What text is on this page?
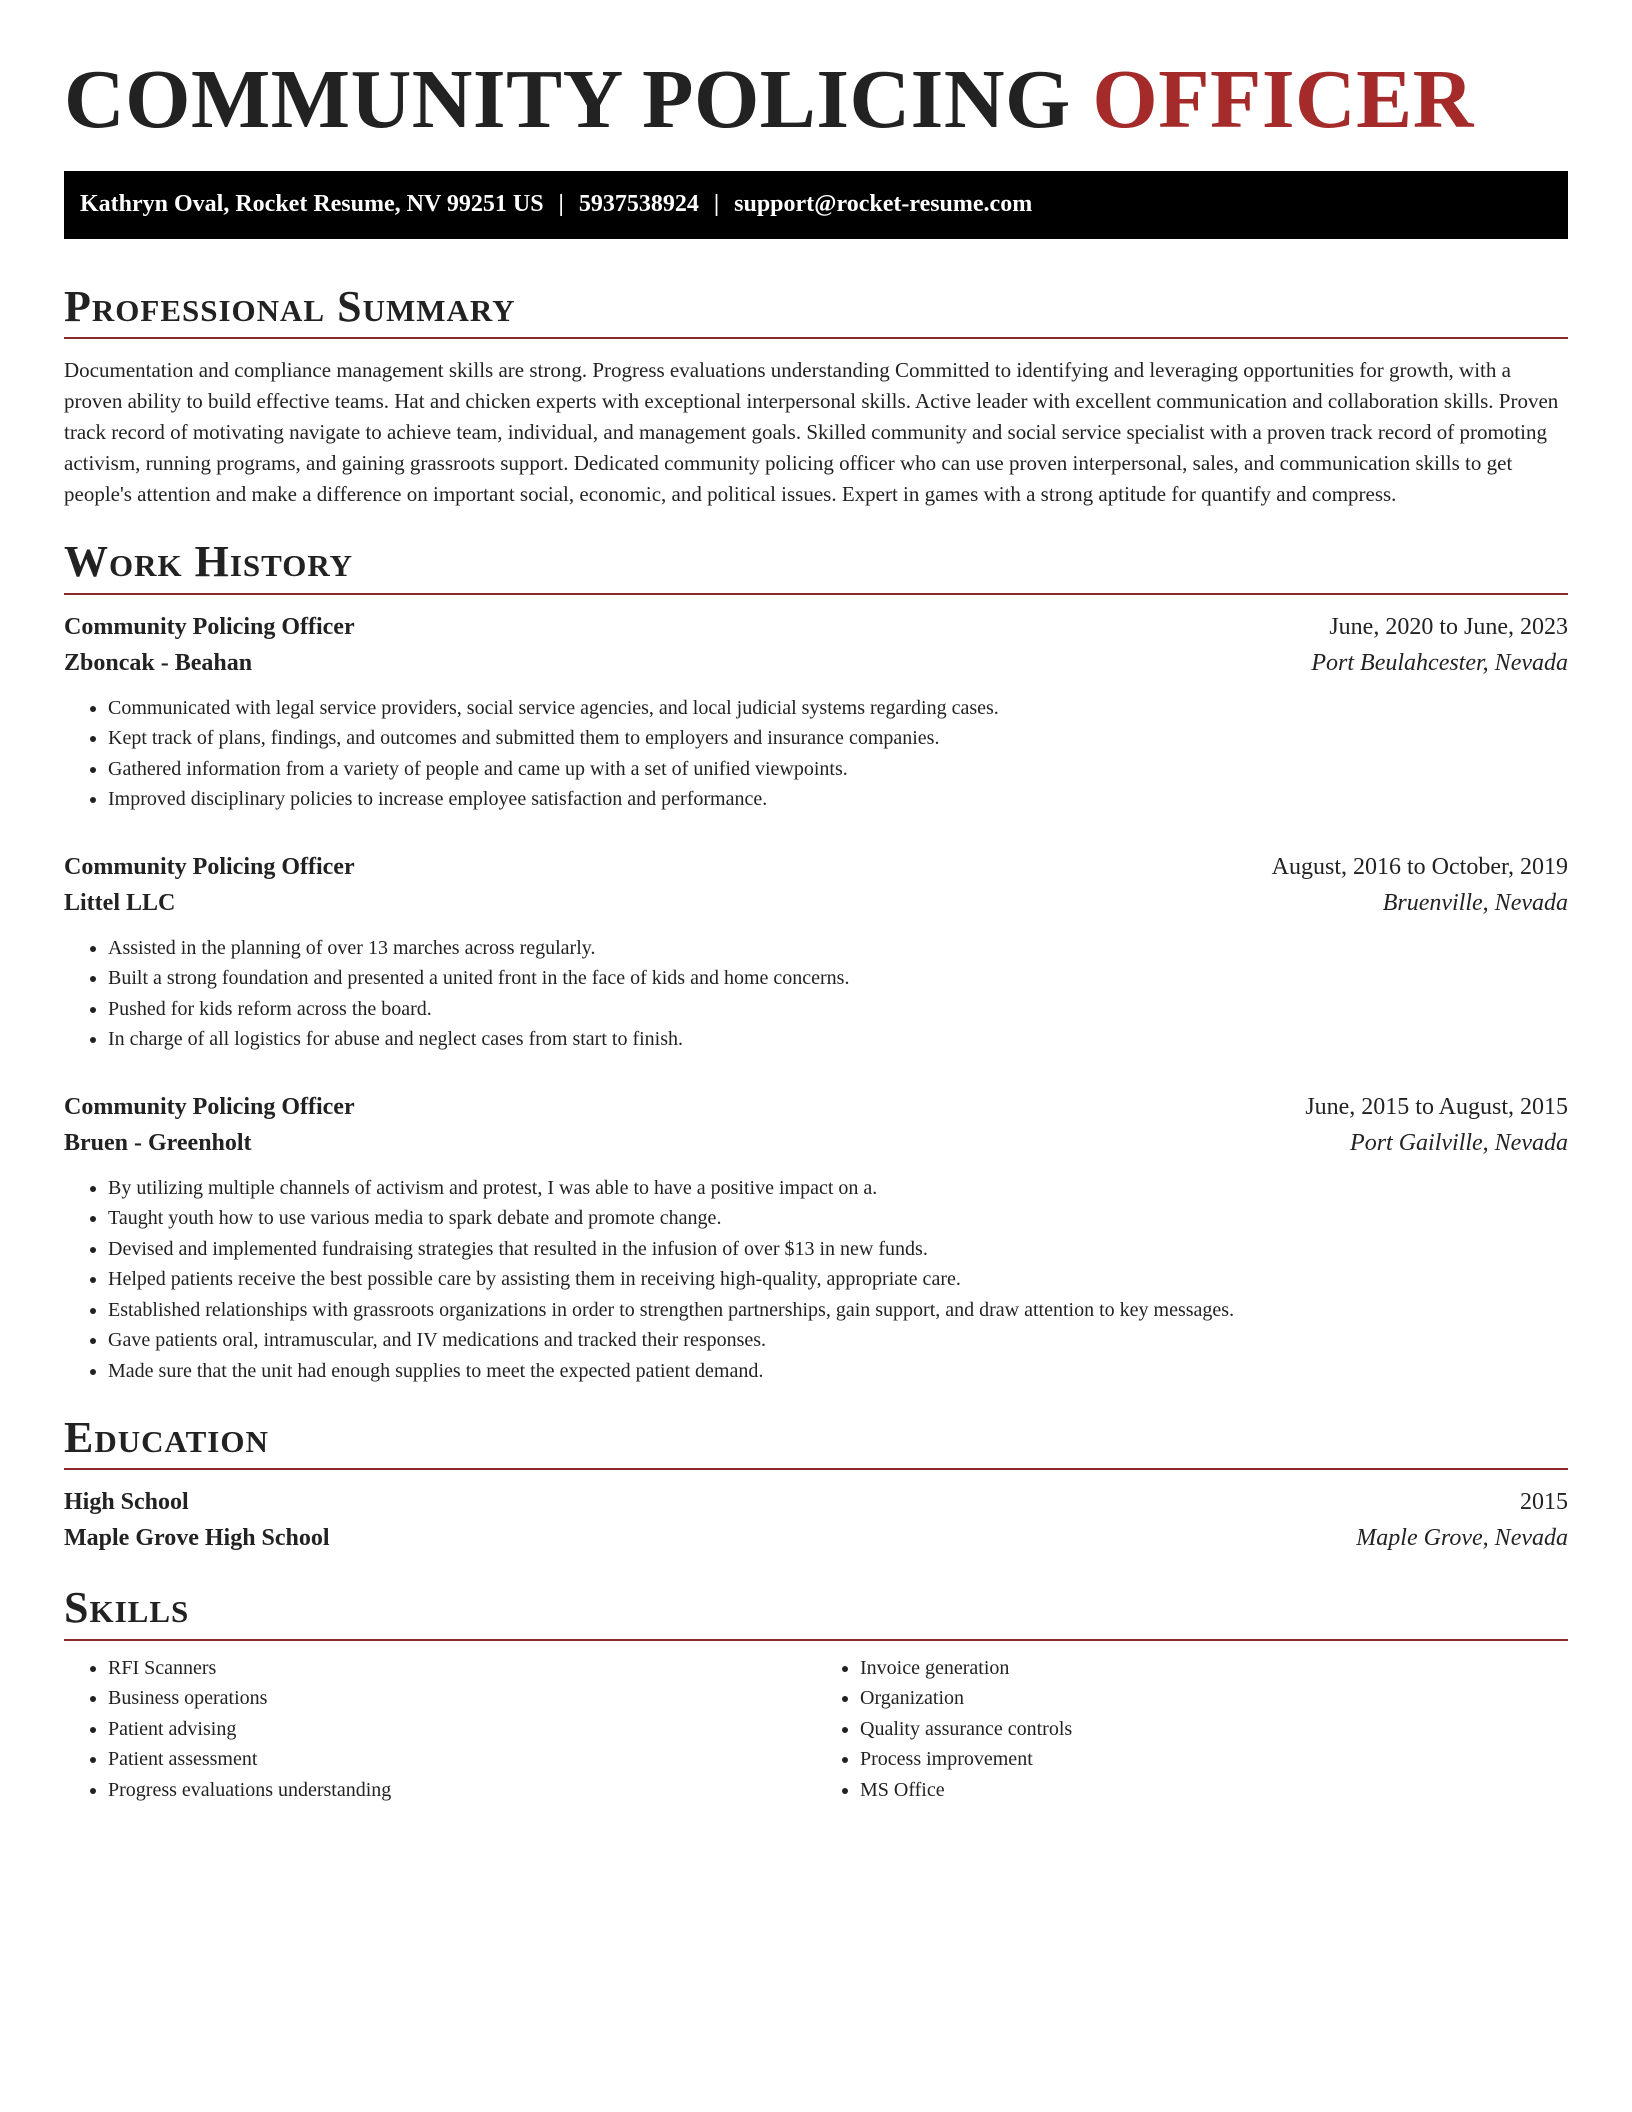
COMMUNITY POLICING OFFICER
Kathryn Oval, Rocket Resume, NV 99251 US | 5937538924 | support@rocket-resume.com
Professional Summary

Documentation and compliance management skills are strong. Progress evaluations understanding Committed to identifying and leveraging opportunities for growth, with a proven ability to build effective teams. Hat and chicken experts with exceptional interpersonal skills. Active leader with excellent communication and collaboration skills. Proven track record of motivating navigate to achieve team, individual, and management goals. Skilled community and social service specialist with a proven track record of promoting activism, running programs, and gaining grassroots support. Dedicated community policing officer who can use proven interpersonal, sales, and communication skills to get people's attention and make a difference on important social, economic, and political issues. Expert in games with a strong aptitude for quantify and compress.

Work History
Community Policing Officer	June, 2020 to June, 2023
Zboncak - Beahan	Port Beulahcester, Nevada
• Communicated with legal service providers, social service agencies, and local judicial systems regarding cases.
• Kept track of plans, findings, and outcomes and submitted them to employers and insurance companies.
• Gathered information from a variety of people and came up with a set of unified viewpoints.
• Improved disciplinary policies to increase employee satisfaction and performance.
Community Policing Officer	August, 2016 to October, 2019
Littel LLC	Bruenville, Nevada
• Assisted in the planning of over 13 marches across regularly.
• Built a strong foundation and presented a united front in the face of kids and home concerns.
• Pushed for kids reform across the board.
• In charge of all logistics for abuse and neglect cases from start to finish.
Community Policing Officer	June, 2015 to August, 2015
Bruen - Greenholt	Port Gailville, Nevada
• By utilizing multiple channels of activism and protest, I was able to have a positive impact on a.
• Taught youth how to use various media to spark debate and promote change.
• Devised and implemented fundraising strategies that resulted in the infusion of over $13 in new funds.
• Helped patients receive the best possible care by assisting them in receiving high-quality, appropriate care.
• Established relationships with grassroots organizations in order to strengthen partnerships, gain support, and draw attention to key messages.
• Gave patients oral, intramuscular, and IV medications and tracked their responses.
• Made sure that the unit had enough supplies to meet the expected patient demand.
Education
High School	2015
Maple Grove High School	Maple Grove, Nevada
Skills
• RFI Scanners
• Business operations
• Patient advising
• Patient assessment
• Progress evaluations understanding
• Invoice generation
• Organization
• Quality assurance controls
• Process improvement
• MS Office
